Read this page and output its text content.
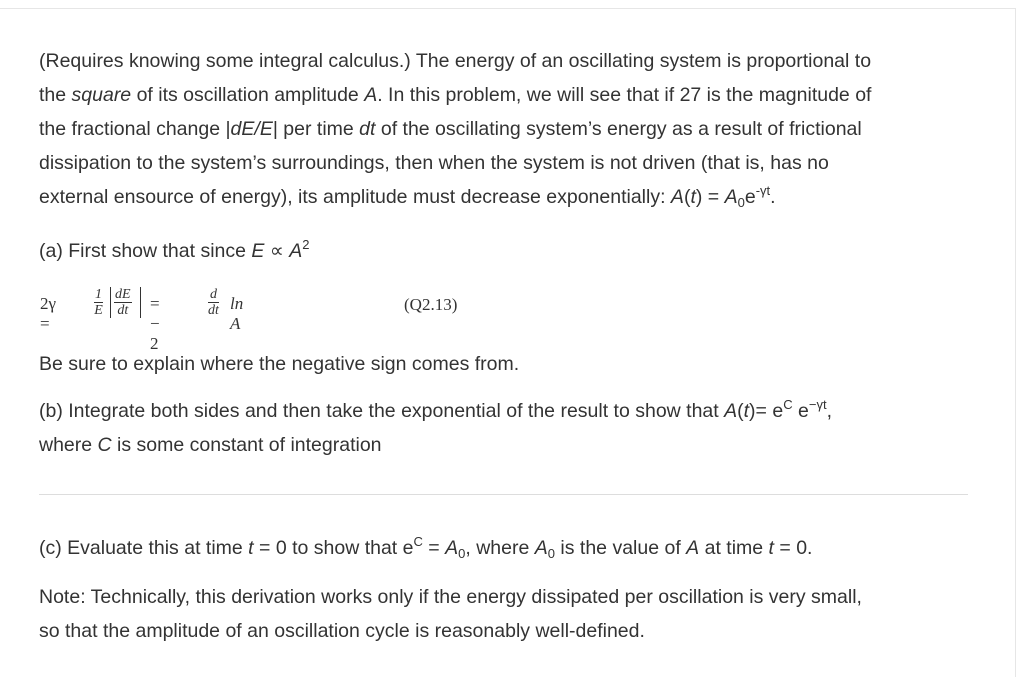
(Requires knowing some integral calculus.) The energy of an oscillating system is proportional to
the square of its oscillation amplitude A. In this problem, we will see that if 27 is the magnitude of
the fractional change |dE/E| per time dt of the oscillating system’s energy as a result of frictional
dissipation to the system’s surroundings, then when the system is not driven (that is, has no
external ensource of energy), its amplitude must decrease exponentially: $A(t) = A_0e^{-\gamma t}$.
(a) First show that since $E \propto A^2$
2γ =
$\frac{1}{E} \frac{dE}{dt}$ = − 2
$\frac{d}{dt}$ ln A
(Q2.13)
Be sure to explain where the negative sign comes from.
(b) Integrate both sides and then take the exponential of the result to show that $A(t)= e^C$ $e^{-\gamma t}$,
where C is some constant of integration
(c) Evaluate this at time t = 0 to show that $e^C = A_0$, where $A_0$ is the value of A at time t = 0.
Note: Technically, this derivation works only if the energy dissipated per oscillation is very small,
so that the amplitude of an oscillation cycle is reasonably well-defined.
